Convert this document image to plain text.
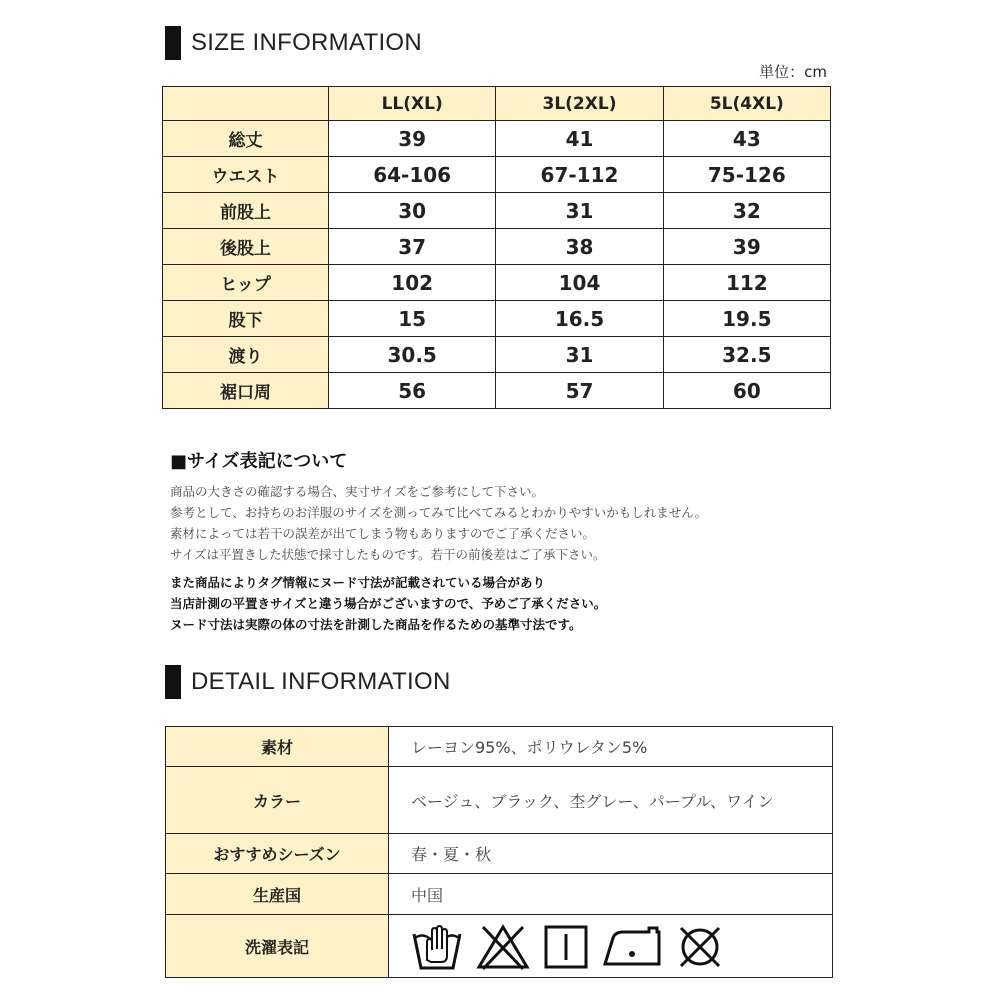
SIZE INFORMATION
単位：cm
	LL(XL)	3L(2XL)	5L(4XL)
総丈	39	41	43
ウエスト	64-106	67-112	75-126
前股上	30	31	32
後股上	37	38	39
ヒップ	102	104	112
股下	15	16.5	19.5
渡り	30.5	31	32.5
裾口周	56	57	60
■サイズ表記について
商品の大きさの確認する場合、実寸サイズをご参考にして下さい。
参考として、お持ちのお洋服のサイズを測ってみて比べてみるとわかりやすいかもしれません。
素材によっては若干の誤差が出てしまう物もありますのでご了承ください。
サイズは平置きした状態で採寸したものです。若干の前後差はご了承下さい。
また商品によりタグ情報にヌード寸法が記載されている場合があり
当店計測の平置きサイズと違う場合がございますので、予めご了承ください。
ヌード寸法は実際の体の寸法を計測した商品を作るための基準寸法です。
DETAIL INFORMATION
素材	レーヨン95%、ポリウレタン5%
カラー	ベージュ、ブラック、杢グレー、パープル、ワイン
おすすめシーズン	春・夏・秋
生産国	中国
洗濯表記	
